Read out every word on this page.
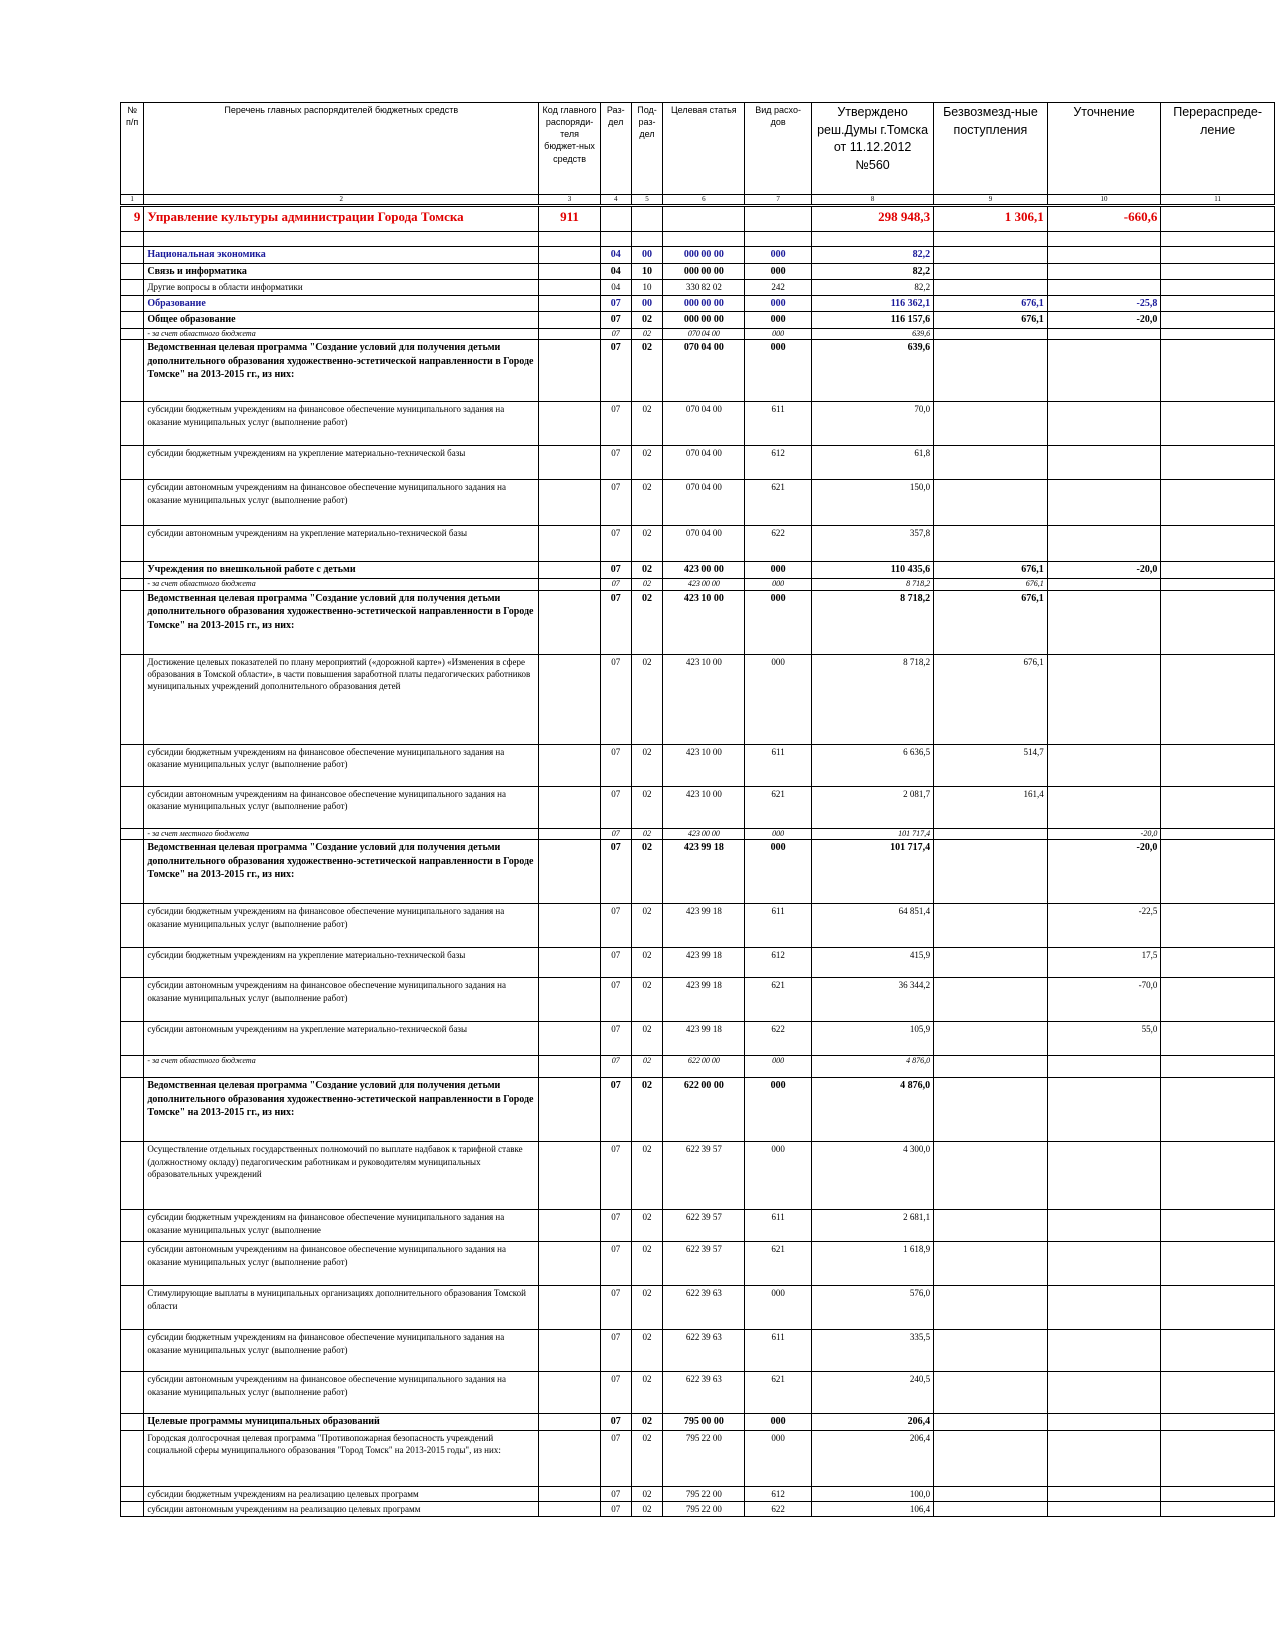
№ п/п	Перечень главных распорядителей бюджетных средств	Код главного распоряди-теля бюджет-ных средств	Раз-дел	Под-раз-дел	Целевая статья	Вид расхо-дов	Утверждено реш.Думы г.Томска от 11.12.2012 №560	Безвозмезд-ные поступления	Уточнение	Перераспреде-ление
1	2	3	4	5	6	7	8	9	10	11
9	Управление культуры администрации Города Томска	911					298 948,3	1 306,1	-660,6	

	Национальная экономика		04	00	000 00 00	000	82,2			
	Связь и информатика		04	10	000 00 00	000	82,2			
	Другие вопросы в области информатики		04	10	330 82 02	242	82,2			
	Образование		07	00	000 00 00	000	116 362,1	676,1	-25,8	
	Общее образование		07	02	000 00 00	000	116 157,6	676,1	-20,0	
	- за счет областного бюджета		07	02	070 04 00	000	639,6			
	Ведомственная целевая программа "Создание условий для получения детьми дополнительного образования художественно-эстетической направленности в Городе Томске" на 2013-2015 гг., из них:		07	02	070 04 00	000	639,6			
	субсидии бюджетным учреждениям на финансовое обеспечение муниципального задания на оказание муниципальных услуг (выполнение работ)		07	02	070 04 00	611	70,0			
	субсидии бюджетным учреждениям на укрепление материально-технической базы		07	02	070 04 00	612	61,8			
	субсидии автономным учреждениям на финансовое обеспечение муниципального задания на оказание муниципальных услуг (выполнение работ)		07	02	070 04 00	621	150,0			
	субсидии автономным учреждениям на укрепление материально-технической базы		07	02	070 04 00	622	357,8			
	Учреждения по внешкольной работе с детьми		07	02	423 00 00	000	110 435,6	676,1	-20,0	
	- за счет областного бюджета		07	02	423 00 00	000	8 718,2	676,1		
	Ведомственная целевая программа "Создание условий для получения детьми дополнительного образования художественно-эстетической направленности в Городе Томске" на 2013-2015 гг., из них:		07	02	423 10 00	000	8 718,2	676,1		
	Достижение целевых показателей по плану мероприятий («дорожной карте») «Изменения в сфере образования в Томской области», в части повышения заработной платы педагогических работников муниципальных учреждений дополнительного образования детей		07	02	423 10 00	000	8 718,2	676,1		
	субсидии бюджетным учреждениям на финансовое обеспечение муниципального задания на оказание муниципальных услуг (выполнение работ)		07	02	423 10 00	611	6 636,5	514,7		
	субсидии автономным учреждениям на финансовое обеспечение муниципального задания на оказание муниципальных услуг (выполнение работ)		07	02	423 10 00	621	2 081,7	161,4		
	- за счет местного бюджета		07	02	423 00 00	000	101 717,4		-20,0	
	Ведомственная целевая программа "Создание условий для получения детьми дополнительного образования художественно-эстетической направленности в Городе Томске" на 2013-2015 гг., из них:		07	02	423 99 18	000	101 717,4		-20,0	
	субсидии бюджетным учреждениям на финансовое обеспечение муниципального задания на оказание муниципальных услуг (выполнение работ)		07	02	423 99 18	611	64 851,4		-22,5	
	субсидии бюджетным учреждениям на укрепление материально-технической базы		07	02	423 99 18	612	415,9		17,5	
	субсидии автономным учреждениям на финансовое обеспечение муниципального задания на оказание муниципальных услуг (выполнение работ)		07	02	423 99 18	621	36 344,2		-70,0	
	субсидии автономным учреждениям на укрепление материально-технической базы		07	02	423 99 18	622	105,9		55,0	
	- за счет областного бюджета		07	02	622 00 00	000	4 876,0			
	Ведомственная целевая программа "Создание условий для получения детьми дополнительного образования художественно-эстетической направленности в Городе Томске" на 2013-2015 гг., из них:		07	02	622 00 00	000	4 876,0			
	Осуществление отдельных государственных полномочий по выплате надбавок к тарифной ставке (должностному окладу) педагогическим работникам и руководителям муниципальных образовательных учреждений		07	02	622 39 57	000	4 300,0			
	субсидии бюджетным учреждениям на финансовое обеспечение муниципального задания на оказание муниципальных услуг (выполнение		07	02	622 39 57	611	2 681,1			
	субсидии автономным учреждениям на финансовое обеспечение муниципального задания на оказание муниципальных услуг (выполнение работ)		07	02	622 39 57	621	1 618,9			
	Стимулирующие выплаты в муниципальных организациях дополнительного образования Томской области		07	02	622 39 63	000	576,0			
	субсидии бюджетным учреждениям на финансовое обеспечение муниципального задания на оказание муниципальных услуг (выполнение работ)		07	02	622 39 63	611	335,5			
	субсидии автономным учреждениям на финансовое обеспечение муниципального задания на оказание муниципальных услуг (выполнение работ)		07	02	622 39 63	621	240,5			
	Целевые программы муниципальных образований		07	02	795 00 00	000	206,4			
	Городская долгосрочная целевая программа "Противопожарная безопасность учреждений социальной сферы муниципального образования "Город Томск" на 2013-2015 годы", из них:		07	02	795 22 00	000	206,4			
	субсидии бюджетным учреждениям на реализацию целевых программ		07	02	795 22 00	612	100,0			
	субсидии автономным учреждениям на реализацию целевых программ		07	02	795 22 00	622	106,4			
